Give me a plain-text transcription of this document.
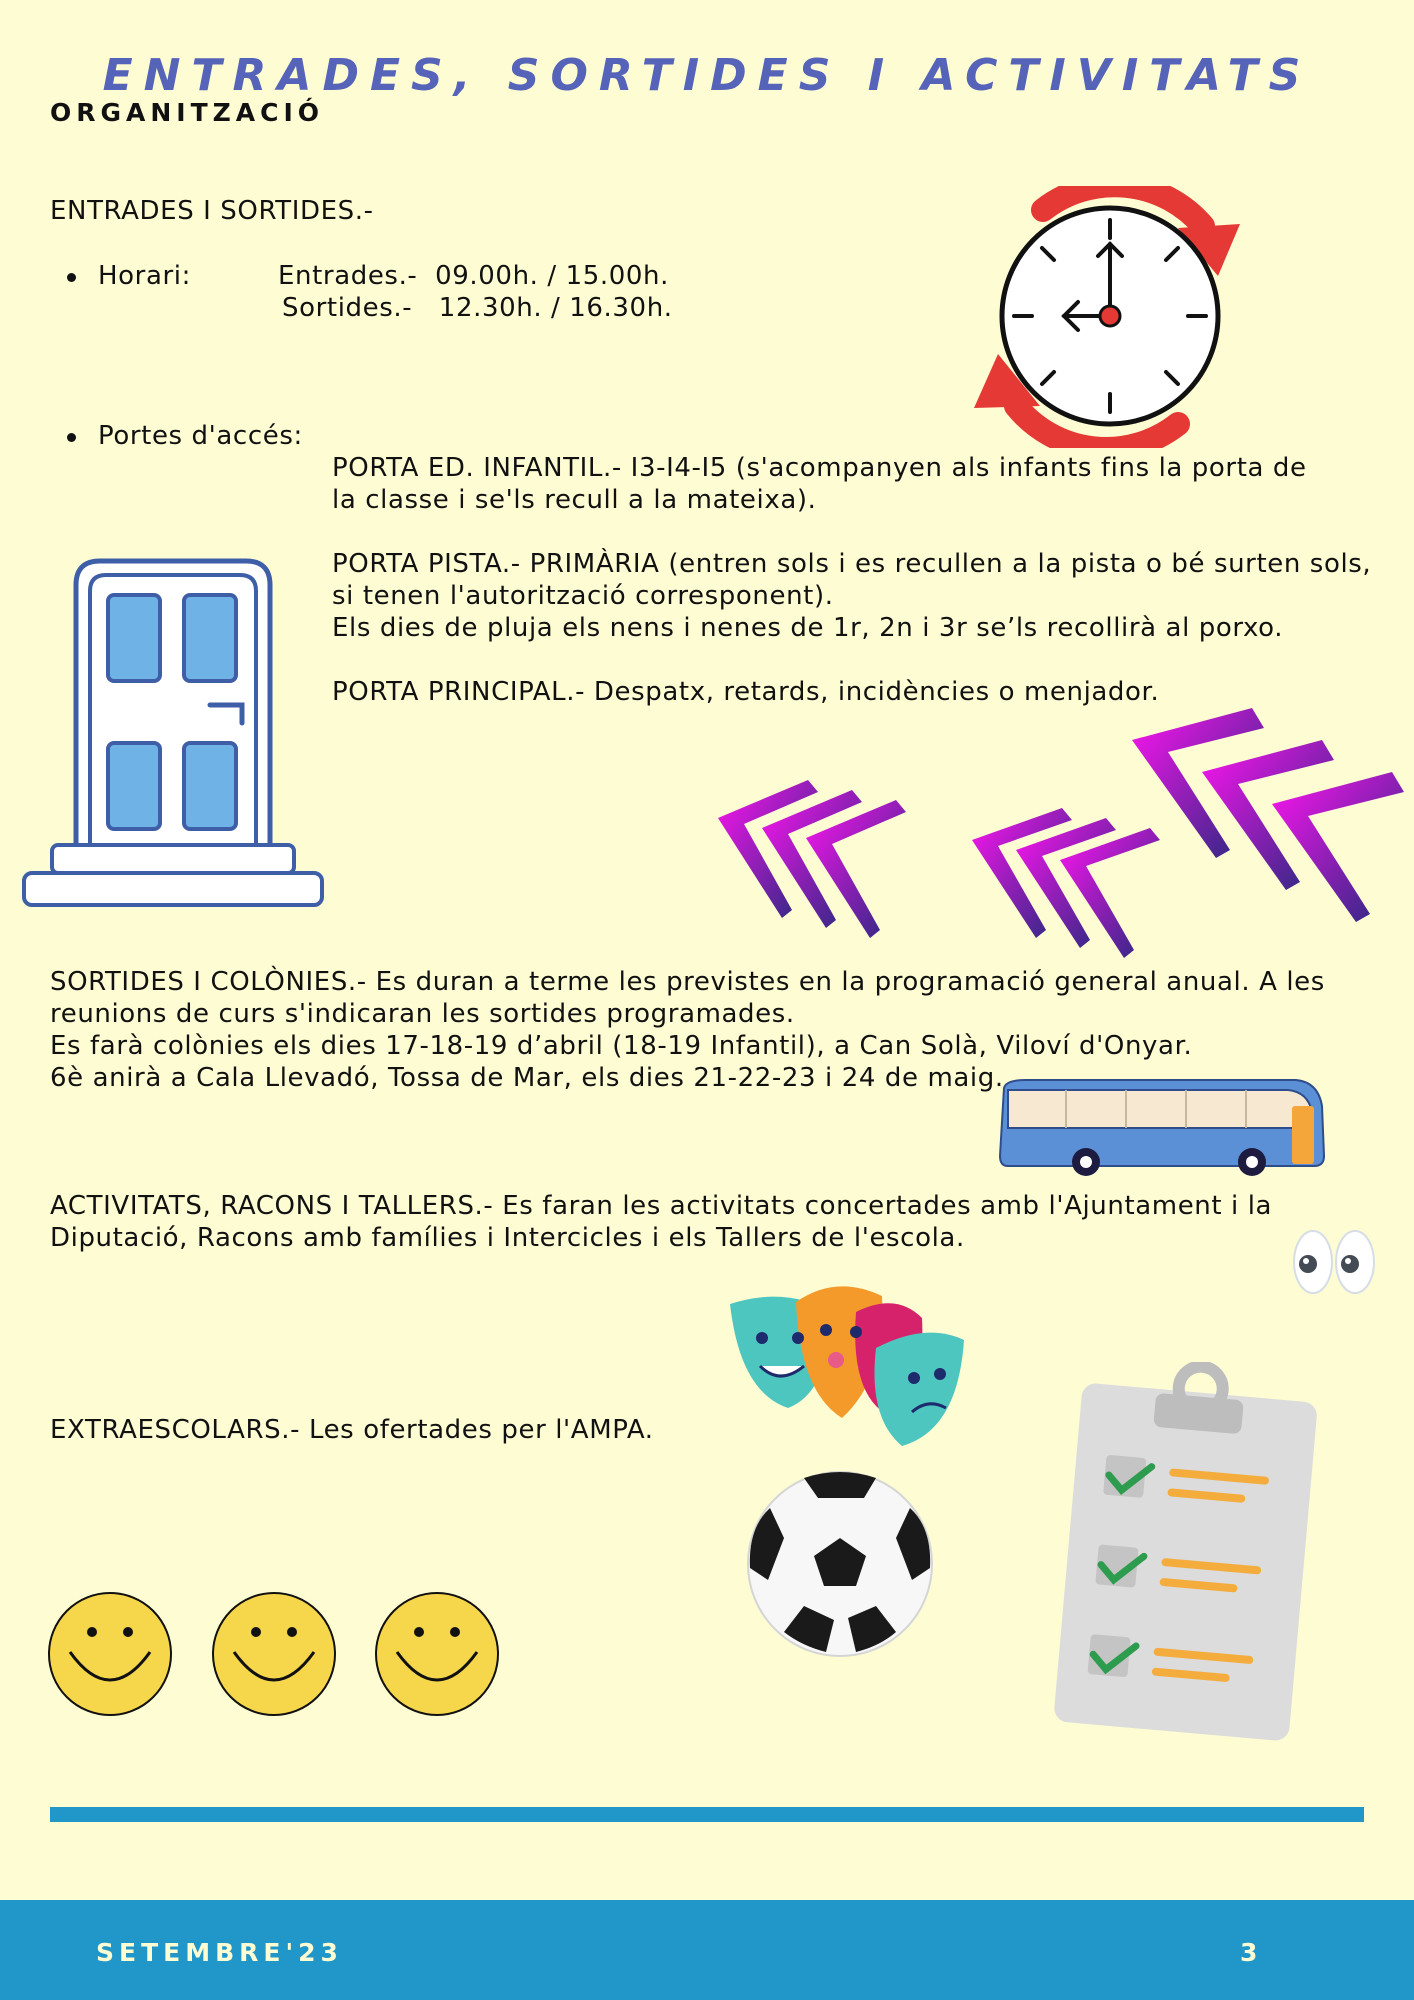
ENTRADES, SORTIDES I ACTIVITATS
ORGANITZACIÓ
ENTRADES I SORTIDES.-
Horari:	Entrades.-  09.00h. / 15.00h.
Sortides.-   12.30h. / 16.30h.
Portes d'accés:
PORTA ED. INFANTIL.- I3-I4-I5 (s'acompanyen als infants fins la porta de
la classe i se'ls recull a la mateixa).
PORTA PISTA.- PRIMÀRIA (entren sols i es recullen a la pista o bé surten sols,
si tenen l'autorització corresponent).
Els dies de pluja els nens i nenes de 1r, 2n i 3r se’ls recollirà al porxo.
PORTA PRINCIPAL.- Despatx, retards, incidències o menjador.
SORTIDES I COLÒNIES.- Es duran a terme les previstes en la programació general anual. A les
reunions de curs s'indicaran les sortides programades.
Es farà colònies els dies 17-18-19 d’abril (18-19 Infantil), a Can Solà, Viloví d'Onyar.
6è anirà a Cala Llevadó, Tossa de Mar, els dies 21-22-23 i 24 de maig.
ACTIVITATS, RACONS I TALLERS.- Es faran les activitats concertades amb l'Ajuntament i la
Diputació, Racons amb famílies i Intercicles i els Tallers de l'escola.
EXTRAESCOLARS.- Les ofertades per l'AMPA.
SETEMBRE'23	3
